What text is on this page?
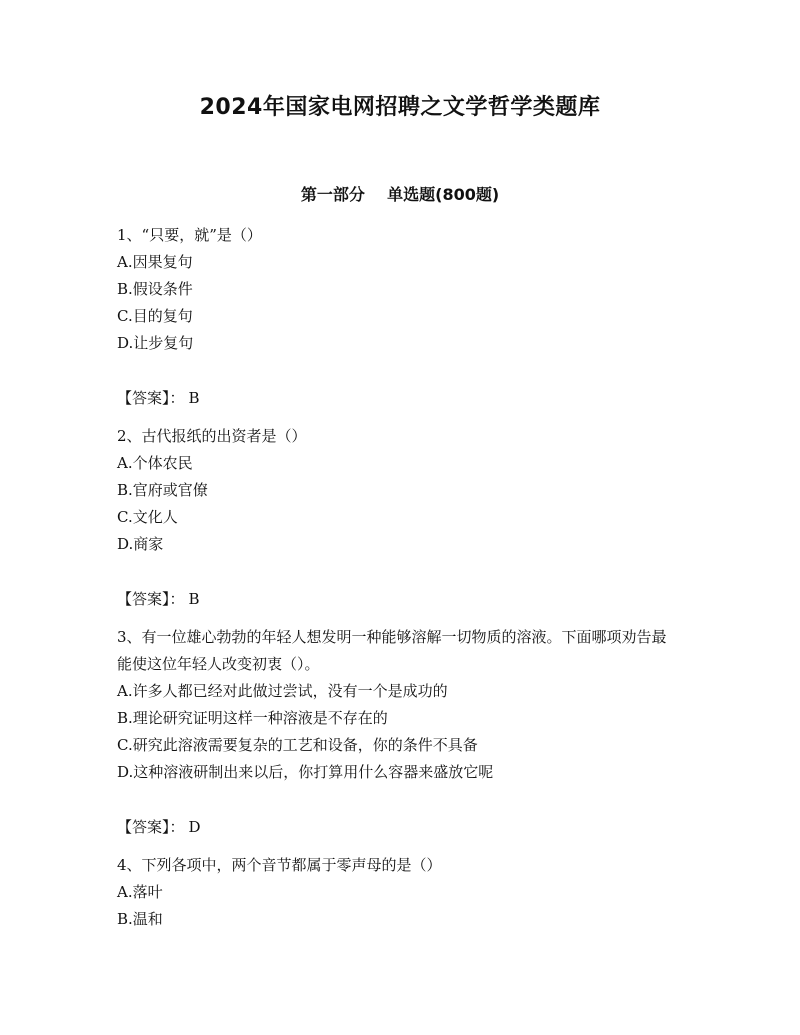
2024年国家电网招聘之文学哲学类题库
第一部分    单选题(800题)

1、“只要，就”是（）

A.因果复句

B.假设条件

C.目的复句

D.让步复句

【答案】： B

2、古代报纸的出资者是（）

A.个体农民

B.官府或官僚

C.文化人

D.商家

【答案】： B

3、有一位雄心勃勃的年轻人想发明一种能够溶解一切物质的溶液。下面哪项劝告最能使这位年轻人改变初衷（）。

A.许多人都已经对此做过尝试，没有一个是成功的

B.理论研究证明这样一种溶液是不存在的

C.研究此溶液需要复杂的工艺和设备，你的条件不具备

D.这种溶液研制出来以后，你打算用什么容器来盛放它呢

【答案】： D

4、下列各项中，两个音节都属于零声母的是（）

A.落叶

B.温和
